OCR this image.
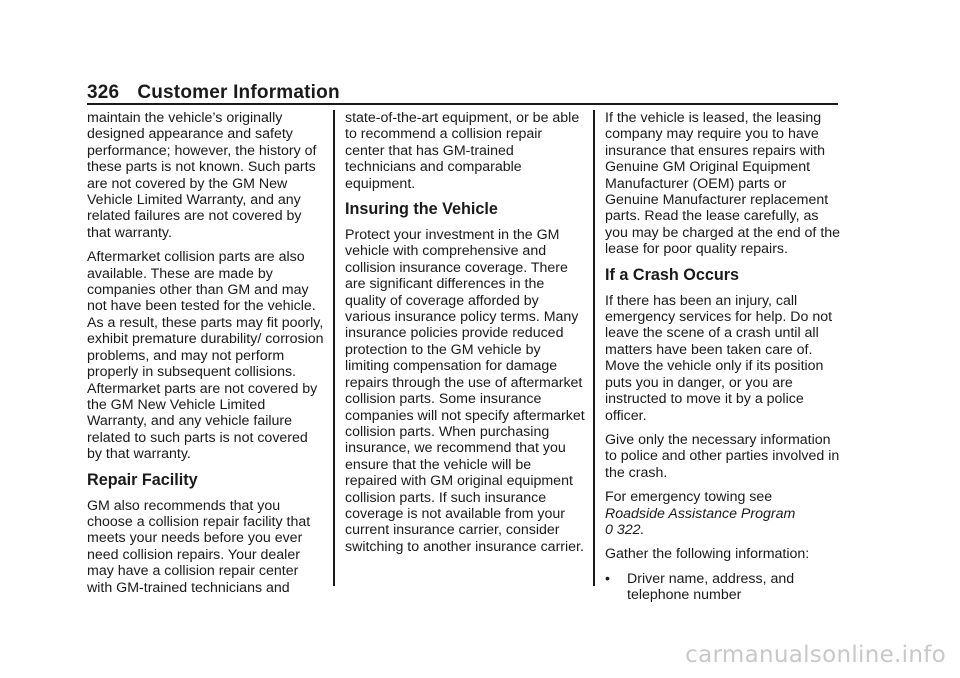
326 Customer Information

maintain the vehicle’s originally designed appearance and safety performance; however, the history of these parts is not known. Such parts are not covered by the GM New Vehicle Limited Warranty, and any related failures are not covered by that warranty.

Aftermarket collision parts are also available. These are made by companies other than GM and may not have been tested for the vehicle. As a result, these parts may fit poorly, exhibit premature durability/ corrosion problems, and may not perform properly in subsequent collisions. Aftermarket parts are not covered by the GM New Vehicle Limited Warranty, and any vehicle failure related to such parts is not covered by that warranty.

Repair Facility

GM also recommends that you choose a collision repair facility that meets your needs before you ever need collision repairs. Your dealer may have a collision repair center with GM-trained technicians and

state-of-the-art equipment, or be able to recommend a collision repair center that has GM-trained technicians and comparable equipment.

Insuring the Vehicle

Protect your investment in the GM vehicle with comprehensive and collision insurance coverage. There are significant differences in the quality of coverage afforded by various insurance policy terms. Many insurance policies provide reduced protection to the GM vehicle by limiting compensation for damage repairs through the use of aftermarket collision parts. Some insurance companies will not specify aftermarket collision parts. When purchasing insurance, we recommend that you ensure that the vehicle will be repaired with GM original equipment collision parts. If such insurance coverage is not available from your current insurance carrier, consider switching to another insurance carrier.

If the vehicle is leased, the leasing company may require you to have insurance that ensures repairs with Genuine GM Original Equipment Manufacturer (OEM) parts or Genuine Manufacturer replacement parts. Read the lease carefully, as you may be charged at the end of the lease for poor quality repairs.

If a Crash Occurs

If there has been an injury, call emergency services for help. Do not leave the scene of a crash until all matters have been taken care of. Move the vehicle only if its position puts you in danger, or you are instructed to move it by a police officer.

Give only the necessary information to police and other parties involved in the crash.

For emergency towing see
Roadside Assistance Program
0 322.

Gather the following information:

•	Driver name, address, and telephone number
carmanualsonline.info
